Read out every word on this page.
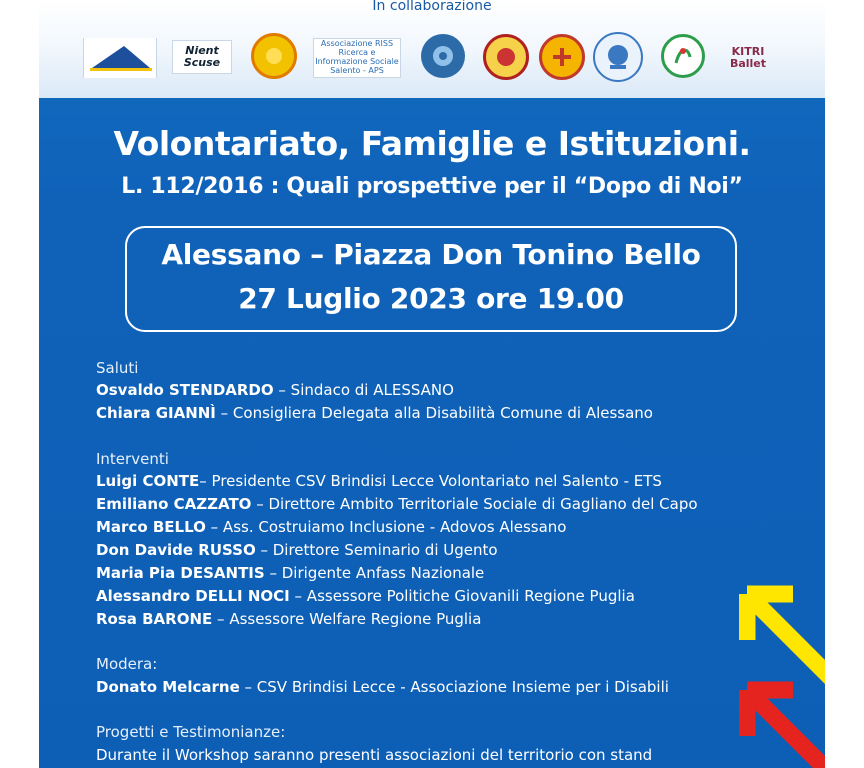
In collaborazione
Nient Scuse
Associazione RISS Ricerca e Informazione Sociale Salento - APS
KITRI Ballet
Volontariato, Famiglie e Istituzioni.
L. 112/2016 : Quali prospettive per il “Dopo di Noi”
Alessano – Piazza Don Tonino Bello
27 Luglio 2023 ore 19.00
Saluti
Osvaldo STENDARDO – Sindaco di ALESSANO
Chiara GIANNÌ – Consigliera Delegata alla Disabilità Comune di Alessano
Interventi
Luigi CONTE– Presidente CSV Brindisi Lecce Volontariato nel Salento - ETS
Emiliano CAZZATO – Direttore Ambito Territoriale Sociale di Gagliano del Capo
Marco BELLO – Ass. Costruiamo Inclusione - Adovos Alessano
Don Davide RUSSO – Direttore Seminario di Ugento
Maria Pia DESANTIS – Dirigente Anfass Nazionale
Alessandro DELLI NOCI – Assessore Politiche Giovanili Regione Puglia
Rosa BARONE – Assessore Welfare Regione Puglia
Modera:
Donato Melcarne – CSV Brindisi Lecce - Associazione Insieme per i Disabili
Progetti e Testimonianze:
Durante il Workshop saranno presenti associazioni del territorio con stand
